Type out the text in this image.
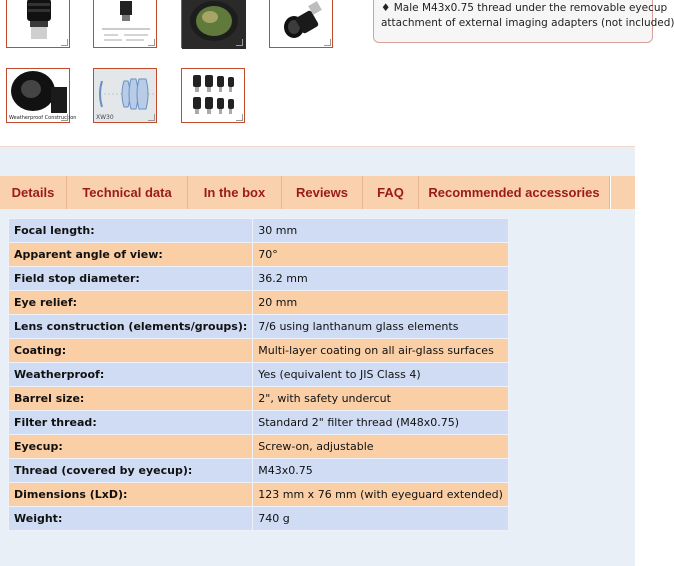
Weatherproof Construction	XW30

♦ Male M43x0.75 thread under the removable eyecup

attachment of external imaging adapters (not included)

Details Technical data In the box Reviews FAQ Recommended accessories
Focal length:	30 mm
Apparent angle of view:	70°
Field stop diameter:	36.2 mm
Eye relief:	20 mm
Lens construction (elements/groups):	7/6 using lanthanum glass elements
Coating:	Multi-layer coating on all air-glass surfaces
Weatherproof:	Yes (equivalent to JIS Class 4)
Barrel size:	2", with safety undercut
Filter thread:	Standard 2" filter thread (M48x0.75)
Eyecup:	Screw-on, adjustable
Thread (covered by eyecup):	M43x0.75
Dimensions (LxD):	123 mm x 76 mm (with eyeguard extended)
Weight:	740 g
